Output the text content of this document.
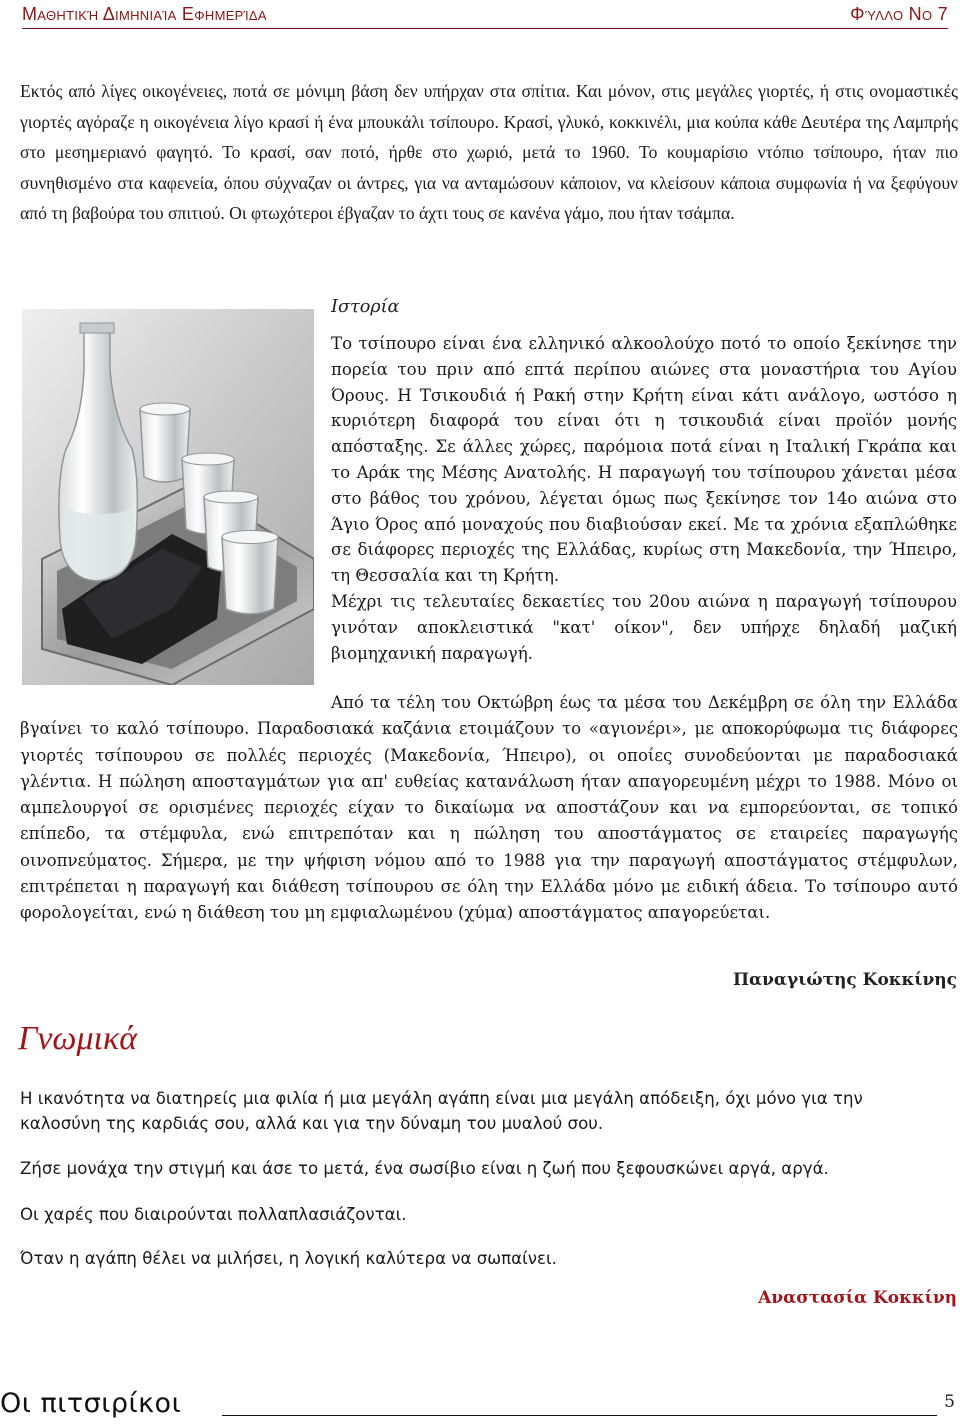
Μαθητική Διμηνιαία Εφημερίδα	Φύλλο Νο 7

Εκτός από λίγες οικογένειες, ποτά σε μόνιμη βάση δεν υπήρχαν στα σπίτια. Και μόνον, στις μεγάλες γιορτές, ή στις ονομαστικές γιορτές αγόραζε η οικογένεια λίγο κρασί ή ένα μπουκάλι τσίπουρο. Κρασί, γλυκό, κοκκινέλι, μια κούπα κάθε Δευτέρα της Λαμπρής στο μεσημεριανό φαγητό. Το κρασί, σαν ποτό, ήρθε στο χωριό, μετά το 1960. Το κουμαρίσιο ντόπιο τσίπουρο, ήταν πιο συνηθισμένο στα καφενεία, όπου σύχναζαν οι άντρες, για να ανταμώσουν κάποιον, να κλείσουν κάποια συμφωνία ή να ξεφύγουν από τη βαβούρα του σπιτιού. Οι φτωχότεροι έβγαζαν το άχτι τους σε κανένα γάμο, που ήταν τσάμπα.

Ιστορία

Το τσίπουρο είναι ένα ελληνικό αλκοολούχο ποτό το οποίο ξεκίνησε την πορεία του πριν από επτά περίπου αιώνες στα μοναστήρια του Αγίου Όρους. Η Τσικουδιά ή Ρακή στην Κρήτη είναι κάτι ανάλογο, ωστόσο η κυριότερη διαφορά του είναι ότι η τσικουδιά είναι προϊόν μονής απόσταξης. Σε άλλες χώρες, παρόμοια ποτά είναι η Ιταλική Γκράπα και το Αράκ της Μέσης Ανατολής. Η παραγωγή του τσίπουρου χάνεται μέσα στο βάθος του χρόνου, λέγεται όμως πως ξεκίνησε τον 14ο αιώνα στο Άγιο Όρος από μοναχούς που διαβιούσαν εκεί. Με τα χρόνια εξαπλώθηκε σε διάφορες περιοχές της Ελλάδας, κυρίως στη Μακεδονία, την Ήπειρο, τη Θεσσαλία και τη Κρήτη.

Μέχρι τις τελευταίες δεκαετίες του 20ου αιώνα η παραγωγή τσίπουρου γινόταν αποκλειστικά "κατ' οίκον", δεν υπήρχε δηλαδή μαζική βιομηχανική παραγωγή.

Από τα τέλη του Οκτώβρη έως τα μέσα του Δεκέμβρη σε όλη την Ελλάδα βγαίνει το καλό τσίπουρο. Παραδοσιακά καζάνια ετοιμάζουν το «αγιονέρι», με αποκορύφωμα τις διάφορες γιορτές τσίπουρου σε πολλές περιοχές (Μακεδονία, Ήπειρο), οι οποίες συνοδεύονται με παραδοσιακά γλέντια. Η πώληση αποσταγμάτων για απ' ευθείας κατανάλωση ήταν απαγορευμένη μέχρι το 1988. Μόνο οι αμπελουργοί σε ορισμένες περιοχές είχαν το δικαίωμα να αποστάζουν και να εμπορεύονται, σε τοπικό επίπεδο, τα στέμφυλα, ενώ επιτρεπόταν και η πώληση του αποστάγματος σε εταιρείες παραγωγής οινοπνεύματος. Σήμερα, με την ψήφιση νόμου από το 1988 για την παραγωγή αποστάγματος στέμφυλων, επιτρέπεται η παραγωγή και διάθεση τσίπουρου σε όλη την Ελλάδα μόνο με ειδική άδεια. Το τσίπουρο αυτό φορολογείται, ενώ η διάθεση του μη εμφιαλωμένου (χύμα) αποστάγματος απαγορεύεται.

Παναγιώτης Κοκκίνης
Γνωμικά

Η ικανότητα να διατηρείς μια φιλία ή μια μεγάλη αγάπη είναι μια μεγάλη απόδειξη, όχι μόνο για την καλοσύνη της καρδιάς σου, αλλά και για την δύναμη του μυαλού σου.

Ζήσε μονάχα την στιγμή και άσε το μετά, ένα σωσίβιο είναι η ζωή που ξεφουσκώνει αργά, αργά.

Οι χαρές που διαιρούνται πολλαπλασιάζονται.

Όταν η αγάπη θέλει να μιλήσει, η λογική καλύτερα να σωπαίνει.

Αναστασία Κοκκίνη
Οι πιτσιρίκοι	5
